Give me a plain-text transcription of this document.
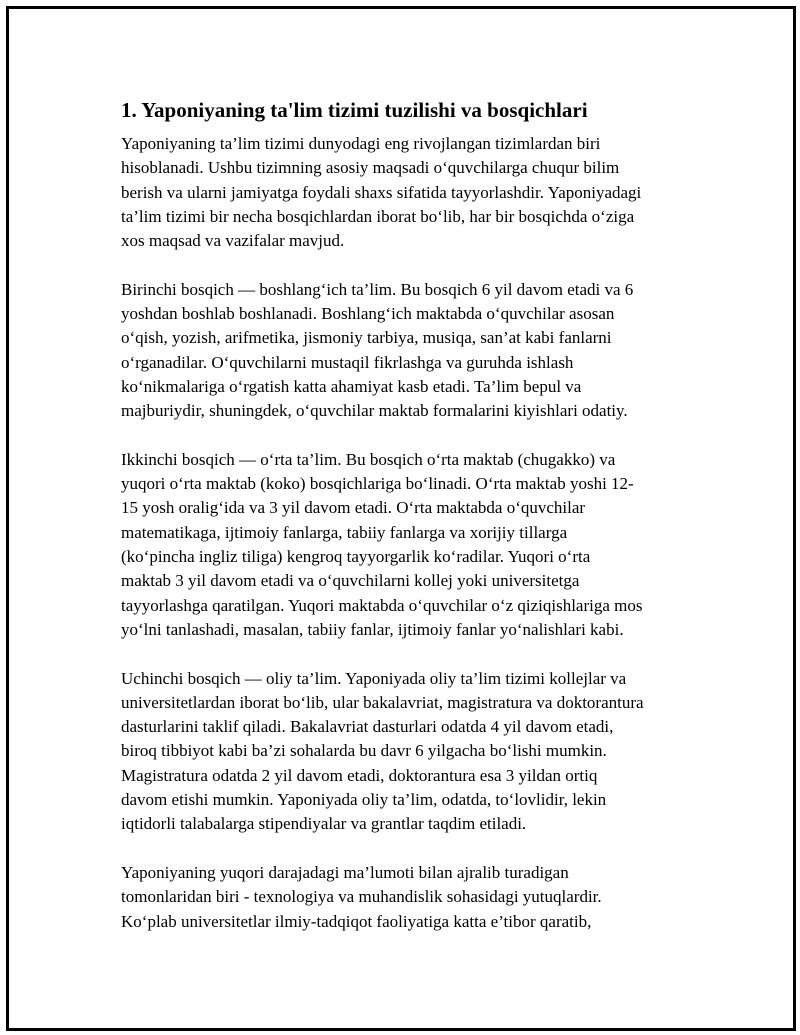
1. Yaponiyaning ta'lim tizimi tuzilishi va bosqichlari

Yaponiyaning ta’lim tizimi dunyodagi eng rivojlangan tizimlardan biri
hisoblanadi. Ushbu tizimning asosiy maqsadi o‘quvchilarga chuqur bilim
berish va ularni jamiyatga foydali shaxs sifatida tayyorlashdir. Yaponiyadagi
ta’lim tizimi bir necha bosqichlardan iborat bo‘lib, har bir bosqichda o‘ziga
xos maqsad va vazifalar mavjud.

Birinchi bosqich — boshlang‘ich ta’lim. Bu bosqich 6 yil davom etadi va 6
yoshdan boshlab boshlanadi. Boshlang‘ich maktabda o‘quvchilar asosan
o‘qish, yozish, arifmetika, jismoniy tarbiya, musiqa, san’at kabi fanlarni
o‘rganadilar. O‘quvchilarni mustaqil fikrlashga va guruhda ishlash
ko‘nikmalariga o‘rgatish katta ahamiyat kasb etadi. Ta’lim bepul va
majburiydir, shuningdek, o‘quvchilar maktab formalarini kiyishlari odatiy.

Ikkinchi bosqich — o‘rta ta’lim. Bu bosqich o‘rta maktab (chugakko) va
yuqori o‘rta maktab (koko) bosqichlariga bo‘linadi. O‘rta maktab yoshi 12-
15 yosh oralig‘ida va 3 yil davom etadi. O‘rta maktabda o‘quvchilar
matematikaga, ijtimoiy fanlarga, tabiiy fanlarga va xorijiy tillarga
(ko‘pincha ingliz tiliga) kengroq tayyorgarlik ko‘radilar. Yuqori o‘rta
maktab 3 yil davom etadi va o‘quvchilarni kollej yoki universitetga
tayyorlashga qaratilgan. Yuqori maktabda o‘quvchilar o‘z qiziqishlariga mos
yo‘lni tanlashadi, masalan, tabiiy fanlar, ijtimoiy fanlar yo‘nalishlari kabi.

Uchinchi bosqich — oliy ta’lim. Yaponiyada oliy ta’lim tizimi kollejlar va
universitetlardan iborat bo‘lib, ular bakalavriat, magistratura va doktorantura
dasturlarini taklif qiladi. Bakalavriat dasturlari odatda 4 yil davom etadi,
biroq tibbiyot kabi ba’zi sohalarda bu davr 6 yilgacha bo‘lishi mumkin.
Magistratura odatda 2 yil davom etadi, doktorantura esa 3 yildan ortiq
davom etishi mumkin. Yaponiyada oliy ta’lim, odatda, to‘lovlidir, lekin
iqtidorli talabalarga stipendiyalar va grantlar taqdim etiladi.

Yaponiyaning yuqori darajadagi ma’lumoti bilan ajralib turadigan
tomonlaridan biri - texnologiya va muhandislik sohasidagi yutuqlardir.
Ko‘plab universitetlar ilmiy-tadqiqot faoliyatiga katta e’tibor qaratib,
